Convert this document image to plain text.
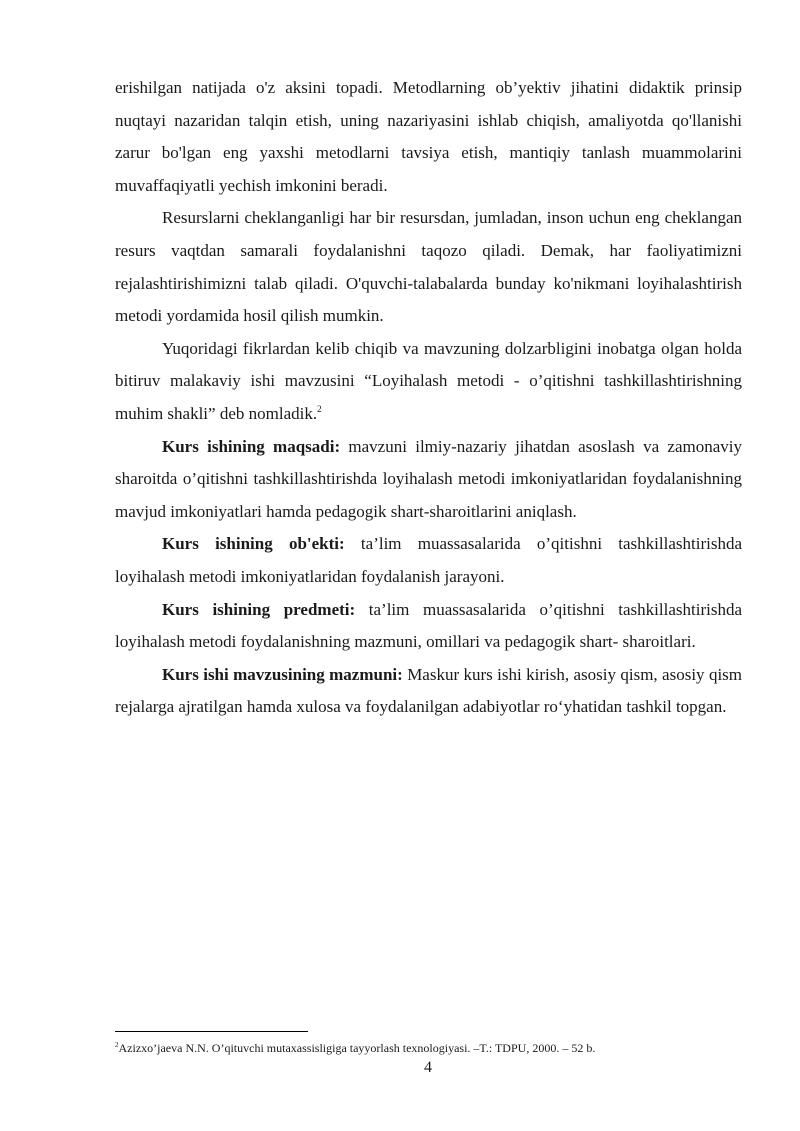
erishilgan natijada o'z aksini topadi. Metodlarning ob’yektiv jihatini didaktik prinsip nuqtayi nazaridan talqin etish, uning nazariyasini ishlab chiqish, amaliyotda qo'llanishi zarur bo'lgan eng yaxshi metodlarni tavsiya etish, mantiqiy tanlash muammolarini muvaffaqiyatli yechish imkonini beradi.

Resurslarni cheklanganligi har bir resursdan, jumladan, inson uchun eng cheklangan resurs vaqtdan samarali foydalanishni taqozo qiladi. Demak, har faoliyatimizni rejalashtirishimizni talab qiladi. O'quvchi-talabalarda bunday ko'nikmani loyihalashtirish metodi yordamida hosil qilish mumkin.

Yuqoridagi fikrlardan kelib chiqib va mavzuning dolzarbligini inobatga olgan holda bitiruv malakaviy ishi mavzusini “Loyihalash metodi - o’qitishni tashkillashtirishning muhim shakli” deb nomladik.$^2$

Kurs ishining maqsadi: mavzuni ilmiy-nazariy jihatdan asoslash va zamonaviy sharoitda o’qitishni tashkillashtirishda loyihalash metodi imkoniyatlaridan foydalanishning mavjud imkoniyatlari hamda pedagogik shart-sharoitlarini aniqlash.

Kurs ishining ob'ekti: ta’lim muassasalarida o’qitishni tashkillashtirishda loyihalash metodi imkoniyatlaridan foydalanish jarayoni.

Kurs ishining predmeti: ta’lim muassasalarida o’qitishni tashkillashtirishda loyihalash metodi foydalanishning mazmuni, omillari va pedagogik shart- sharoitlari.

Kurs ishi mavzusining mazmuni: Maskur kurs ishi kirish, asosiy qism, asosiy qism rejalarga ajratilgan hamda xulosa va foydalanilgan adabiyotlar ro‘yhatidan tashkil topgan.

$^2$Azizxo’jaeva N.N. O’qituvchi mutaxassisligiga tayyorlash texnologiyasi. –T.: TDPU, 2000. – 52 b.
4
